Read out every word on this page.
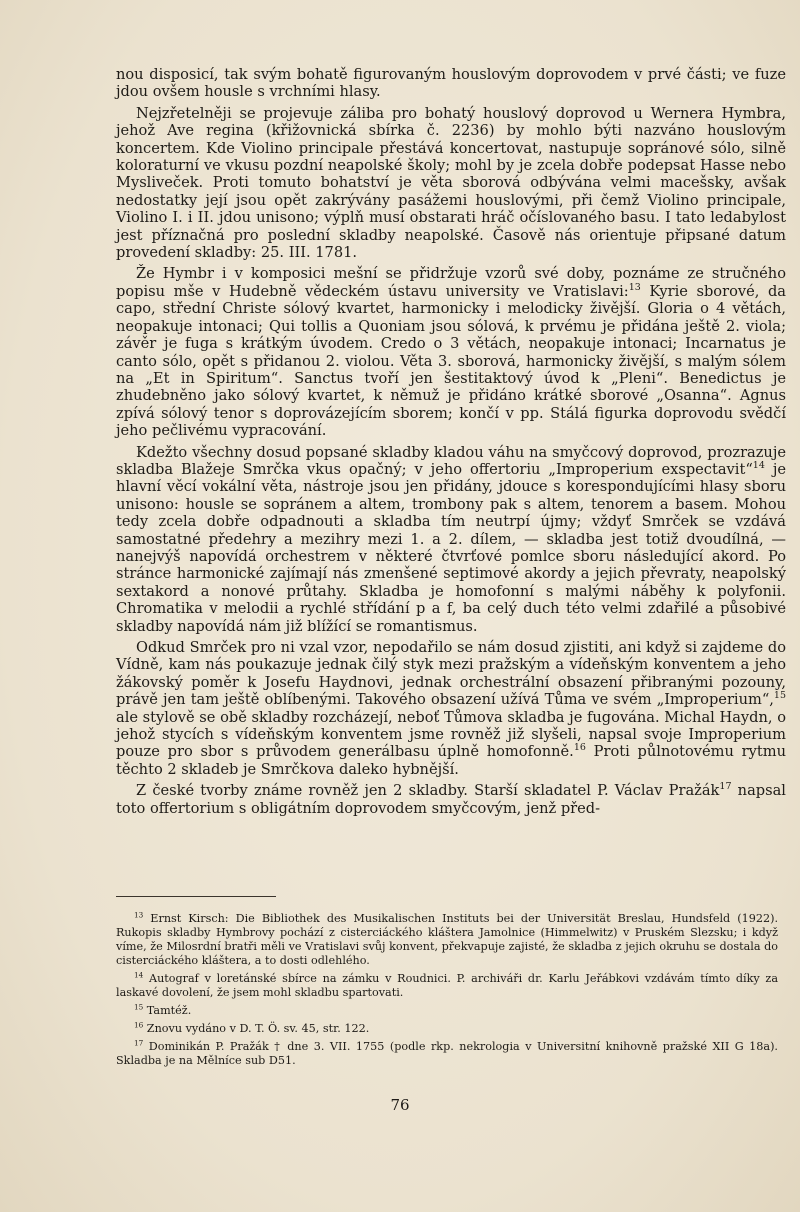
nou disposicí, tak svým bohatě figurovaným houslovým doprovodem v prvé části; ve fuze jdou ovšem housle s vrchními hlasy.

Nejzřetelněji se projevuje záliba pro bohatý houslový doprovod u Wernera Hymbra, jehož Ave regina (křižovnická sbírka č. 2236) by mohlo býti nazváno houslovým koncertem. Kde Violino principale přestává koncertovat, nastupuje sopránové sólo, silně koloraturní ve vkusu pozdní neapolské školy; mohl by je zcela dobře podepsat Hasse nebo Mysliveček. Proti tomuto bohatství je věta sborová odbývána velmi macešsky, avšak nedostatky její jsou opět zakrývány pasážemi houslovými, při čemž Violino principale, Violino I. i II. jdou unisono; výplň musí obstarati hráč očíslovaného basu. I tato ledabylost jest příznačná pro poslední skladby neapolské. Časově nás orientuje připsané datum provedení skladby: 25. III. 1781.

Že Hymbr i v komposici mešní se přidržuje vzorů své doby, poznáme ze stručného popisu mše v Hudebně vědeckém ústavu university ve Vratislavi:$^{13}$ Kyrie sborové, da capo, střední Christe sólový kvartet, harmonicky i melodicky živější. Gloria o 4 větách, neopakuje intonaci; Qui tollis a Quoniam jsou sólová, k prvému je přidána ještě 2. viola; závěr je fuga s krátkým úvodem. Credo o 3 větách, neopakuje intonaci; Incarnatus je canto sólo, opět s přidanou 2. violou. Věta 3. sborová, harmonicky živější, s malým sólem na „Et in Spiritum“. Sanctus tvoří jen šestitaktový úvod k „Pleni“. Benedictus je zhudebněno jako sólový kvartet, k němuž je přidáno krátké sborové „Osanna“. Agnus zpívá sólový tenor s doprovázejícím sborem; končí v pp. Stálá figurka doprovodu svědčí jeho pečlivému vypracování.

Kdežto všechny dosud popsané skladby kladou váhu na smyčcový doprovod, prozrazuje skladba Blažeje Smrčka vkus opačný; v jeho offertoriu „Improperium exspectavit“$^{14}$ je hlavní věcí vokální věta, nástroje jsou jen přidány, jdouce s korespondujícími hlasy sboru unisono: housle se sopránem a altem, trombony pak s altem, tenorem a basem. Mohou tedy zcela dobře odpadnouti a skladba tím neutrpí újmy; vždyť Smrček se vzdává samostatné předehry a mezihry mezi 1. a 2. dílem, — skladba jest totiž dvoudílná, — nanejvýš napovídá orchestrem v některé čtvrťové pomlce sboru následující akord. Po stránce harmonické zajímají nás zmenšené septimové akordy a jejich převraty, neapolský sextakord a nonové průtahy. Skladba je homofonní s malými náběhy k polyfonii. Chromatika v melodii a rychlé střídání p a f, ba celý duch této velmi zdařilé a působivé skladby napovídá nám již blížící se romantismus.

Odkud Smrček pro ni vzal vzor, nepodařilo se nám dosud zjistiti, ani když si zajdeme do Vídně, kam nás poukazuje jednak čilý styk mezi pražským a vídeňským konventem a jeho žákovský poměr k Josefu Haydnovi, jednak orchestrální obsazení přibranými pozouny, právě jen tam ještě oblíbenými. Takového obsazení užívá Tůma ve svém „Improperium“,$^{15}$ ale stylově se obě skladby rozcházejí, neboť Tůmova skladba je fugována. Michal Haydn, o jehož stycích s vídeňským konventem jsme rovněž již slyšeli, napsal svoje Improperium pouze pro sbor s průvodem generálbasu úplně homofonně.$^{16}$ Proti půlnotovému rytmu těchto 2 skladeb je Smrčkova daleko hybnější.

Z české tvorby známe rovněž jen 2 skladby. Starší skladatel P. Václav Pražák$^{17}$ napsal toto offertorium s obligátním doprovodem smyčcovým, jenž před-

$^{13}$ Ernst Kirsch: Die Bibliothek des Musikalischen Instituts bei der Universität Breslau, Hundsfeld (1922). Rukopis skladby Hymbrovy pochází z cisterciáckého kláštera Jamolnice (Himmelwitz) v Pruském Slezsku; i když víme, že Milosrdní bratři měli ve Vratislavi svůj konvent, překvapuje zajisté, že skladba z jejich okruhu se dostala do cisterciáckého kláštera, a to dosti odlehlého.

$^{14}$ Autograf v loretánské sbírce na zámku v Roudnici. P. archiváři dr. Karlu Jeřábkovi vzdávám tímto díky za laskavé dovolení, že jsem mohl skladbu spartovati.

$^{15}$ Tamtéž.

$^{16}$ Znovu vydáno v D. T. Ö. sv. 45, str. 122.

$^{17}$ Dominikán P. Pražák † dne 3. VII. 1755 (podle rkp. nekrologia v Universitní knihovně pražské XII G 18a). Skladba je na Mělníce sub D51.

76
